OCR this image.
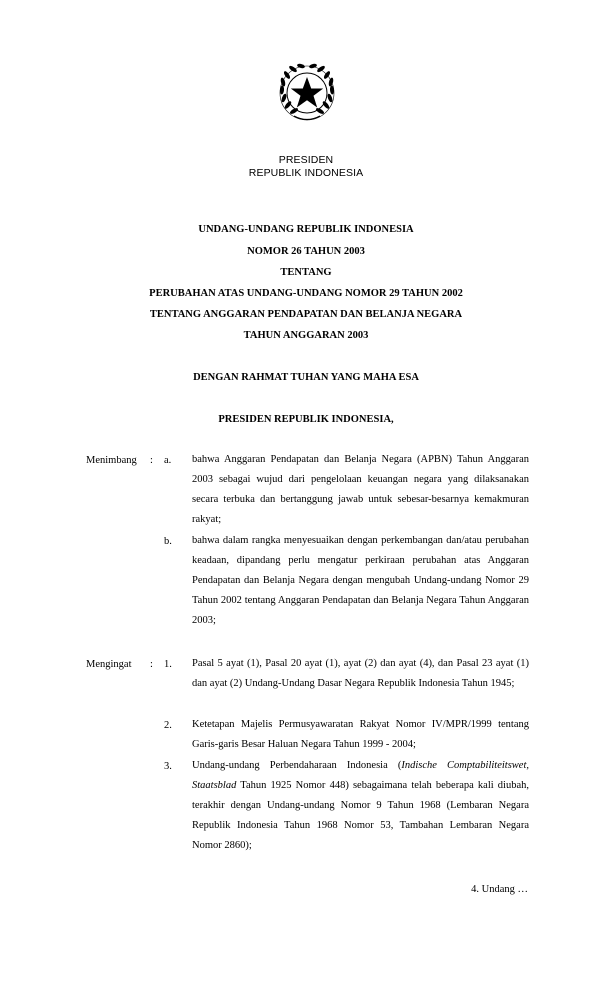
PRESIDEN
REPUBLIK INDONESIA
UNDANG-UNDANG REPUBLIK INDONESIA
NOMOR 26 TAHUN 2003
TENTANG
PERUBAHAN ATAS UNDANG-UNDANG NOMOR 29 TAHUN 2002
TENTANG ANGGARAN PENDAPATAN DAN BELANJA NEGARA
TAHUN ANGGARAN 2003
DENGAN RAHMAT TUHAN YANG MAHA ESA
PRESIDEN REPUBLIK INDONESIA,
Menimbang : a. bahwa Anggaran Pendapatan dan Belanja Negara (APBN) Tahun Anggaran 2003 sebagai wujud dari pengelolaan keuangan negara yang dilaksanakan secara terbuka dan bertanggung jawab untuk sebesar-besarnya kemakmuran rakyat;
b. bahwa dalam rangka menyesuaikan dengan perkembangan dan/atau perubahan keadaan, dipandang perlu mengatur perkiraan perubahan atas Anggaran Pendapatan dan Belanja Negara dengan mengubah Undang-undang Nomor 29 Tahun 2002 tentang Anggaran Pendapatan dan Belanja Negara Tahun Anggaran 2003;
Mengingat : 1. Pasal 5 ayat (1), Pasal 20 ayat (1), ayat (2) dan ayat (4), dan Pasal 23 ayat (1) dan ayat (2) Undang-Undang Dasar Negara Republik Indonesia Tahun 1945;
2. Ketetapan Majelis Permusyawaratan Rakyat Nomor IV/MPR/1999 tentang Garis-garis Besar Haluan Negara Tahun 1999 - 2004;
3. Undang-undang Perbendaharaan Indonesia (Indische Comptabiliteitswet, Staatsblad Tahun 1925 Nomor 448) sebagaimana telah beberapa kali diubah, terakhir dengan Undang-undang Nomor 9 Tahun 1968 (Lembaran Negara Republik Indonesia Tahun 1968 Nomor 53, Tambahan Lembaran Negara Nomor 2860);
4. Undang …
